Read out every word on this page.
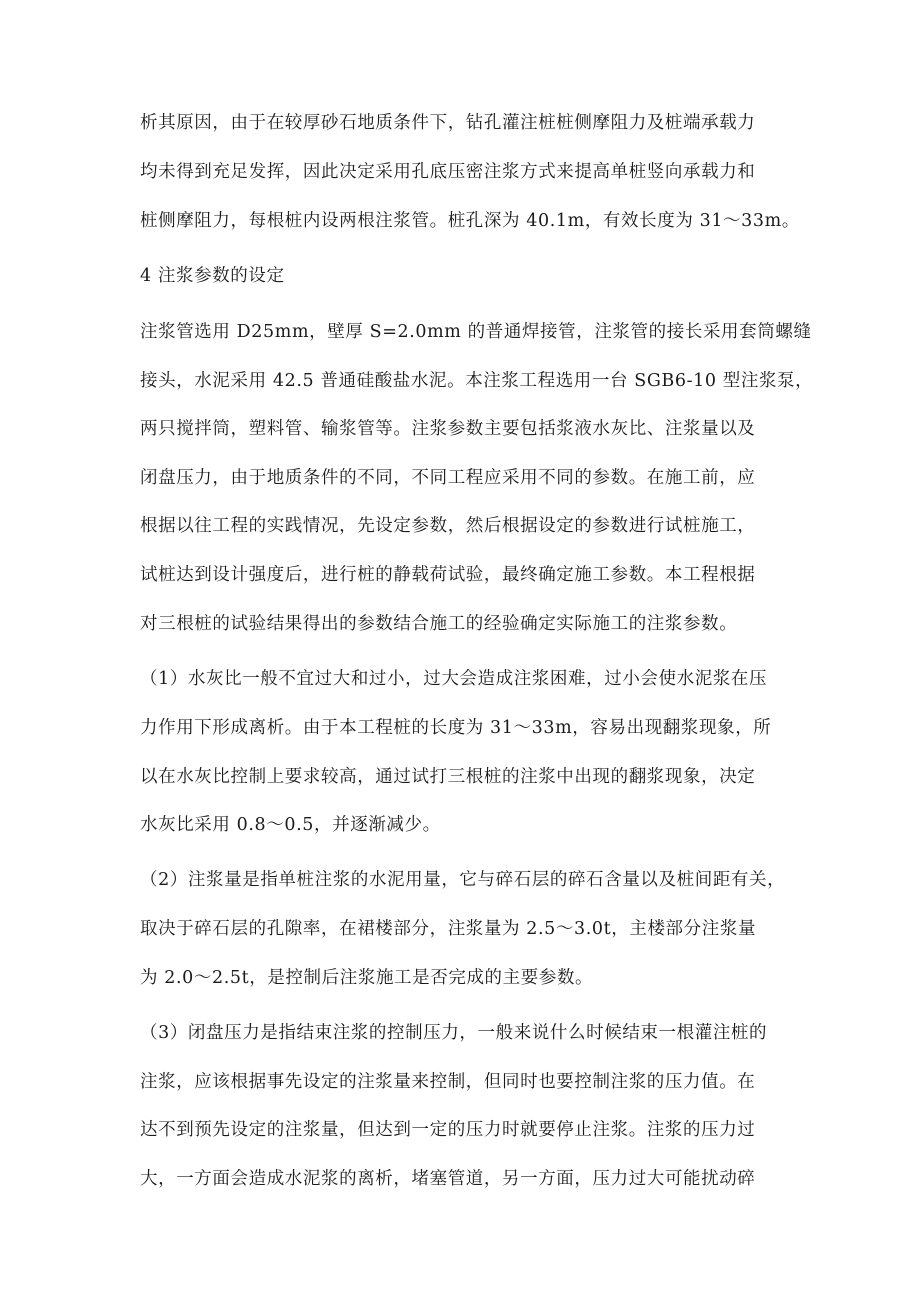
析其原因，由于在较厚砂石地质条件下，钻孔灌注桩桩侧摩阻力及桩端承载力
均未得到充足发挥，因此决定采用孔底压密注浆方式来提高单桩竖向承载力和
桩侧摩阻力，每根桩内设两根注浆管。桩孔深为 40.1m，有效长度为 31～33m。
4 注浆参数的设定
注浆管选用 D25mm，壁厚 S=2.0mm 的普通焊接管，注浆管的接长采用套筒螺缝
接头，水泥采用 42.5 普通硅酸盐水泥。本注浆工程选用一台 SGB6-10 型注浆泵，
两只搅拌筒，塑料管、输浆管等。注浆参数主要包括浆液水灰比、注浆量以及
闭盘压力，由于地质条件的不同，不同工程应采用不同的参数。在施工前，应
根据以往工程的实践情况，先设定参数，然后根据设定的参数进行试桩施工，
试桩达到设计强度后，进行桩的静载荷试验，最终确定施工参数。本工程根据
对三根桩的试验结果得出的参数结合施工的经验确定实际施工的注浆参数。
（1）水灰比一般不宜过大和过小，过大会造成注浆困难，过小会使水泥浆在压
力作用下形成离析。由于本工程桩的长度为 31～33m，容易出现翻浆现象，所
以在水灰比控制上要求较高，通过试打三根桩的注浆中出现的翻浆现象，决定
水灰比采用 0.8～0.5，并逐渐减少。
（2）注浆量是指单桩注浆的水泥用量，它与碎石层的碎石含量以及桩间距有关，
取决于碎石层的孔隙率，在裙楼部分，注浆量为 2.5～3.0t，主楼部分注浆量
为 2.0～2.5t，是控制后注浆施工是否完成的主要参数。
（3）闭盘压力是指结束注浆的控制压力，一般来说什么时候结束一根灌注桩的
注浆，应该根据事先设定的注浆量来控制，但同时也要控制注浆的压力值。在
达不到预先设定的注浆量，但达到一定的压力时就要停止注浆。注浆的压力过
大，一方面会造成水泥浆的离析，堵塞管道，另一方面，压力过大可能扰动碎
